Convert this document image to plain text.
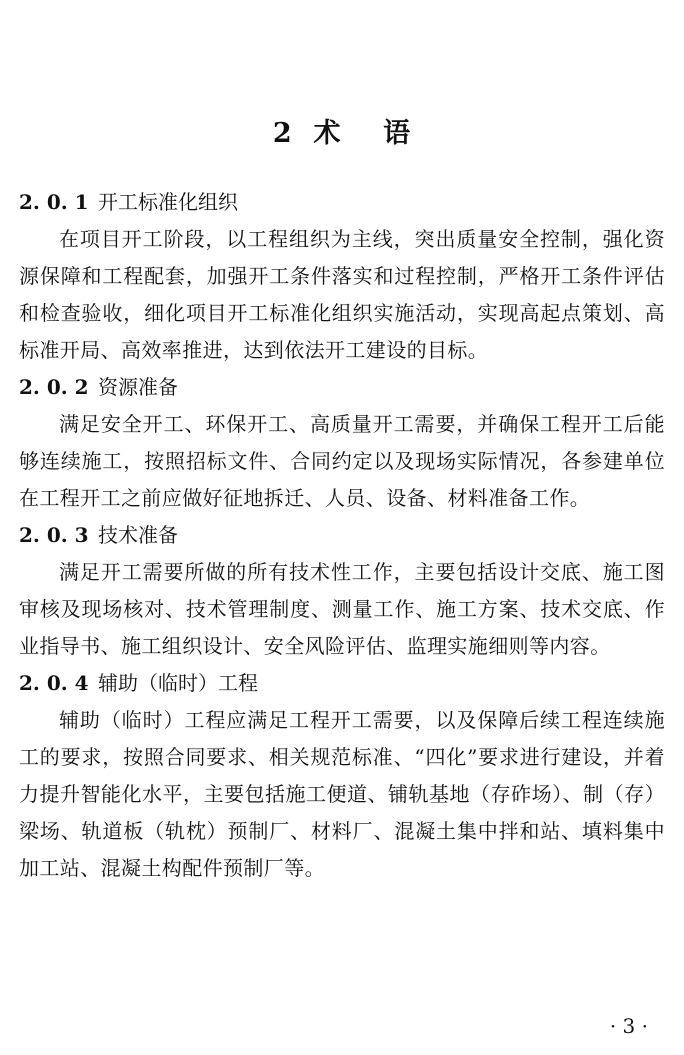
2  术    语
2. 0. 1 开工标准化组织

在项目开工阶段，以工程组织为主线，突出质量安全控制，强化资源保障和工程配套，加强开工条件落实和过程控制，严格开工条件评估和检查验收，细化项目开工标准化组织实施活动，实现高起点策划、高标准开局、高效率推进，达到依法开工建设的目标。

2. 0. 2 资源准备

满足安全开工、环保开工、高质量开工需要，并确保工程开工后能够连续施工，按照招标文件、合同约定以及现场实际情况，各参建单位在工程开工之前应做好征地拆迁、人员、设备、材料准备工作。

2. 0. 3 技术准备

满足开工需要所做的所有技术性工作，主要包括设计交底、施工图审核及现场核对、技术管理制度、测量工作、施工方案、技术交底、作业指导书、施工组织设计、安全风险评估、监理实施细则等内容。

2. 0. 4 辅助（临时）工程

辅助（临时）工程应满足工程开工需要，以及保障后续工程连续施工的要求，按照合同要求、相关规范标准、“四化”要求进行建设，并着力提升智能化水平，主要包括施工便道、铺轨基地（存砟场）、制（存）梁场、轨道板（轨枕）预制厂、材料厂、混凝土集中拌和站、填料集中加工站、混凝土构配件预制厂等。

· 3 ·
